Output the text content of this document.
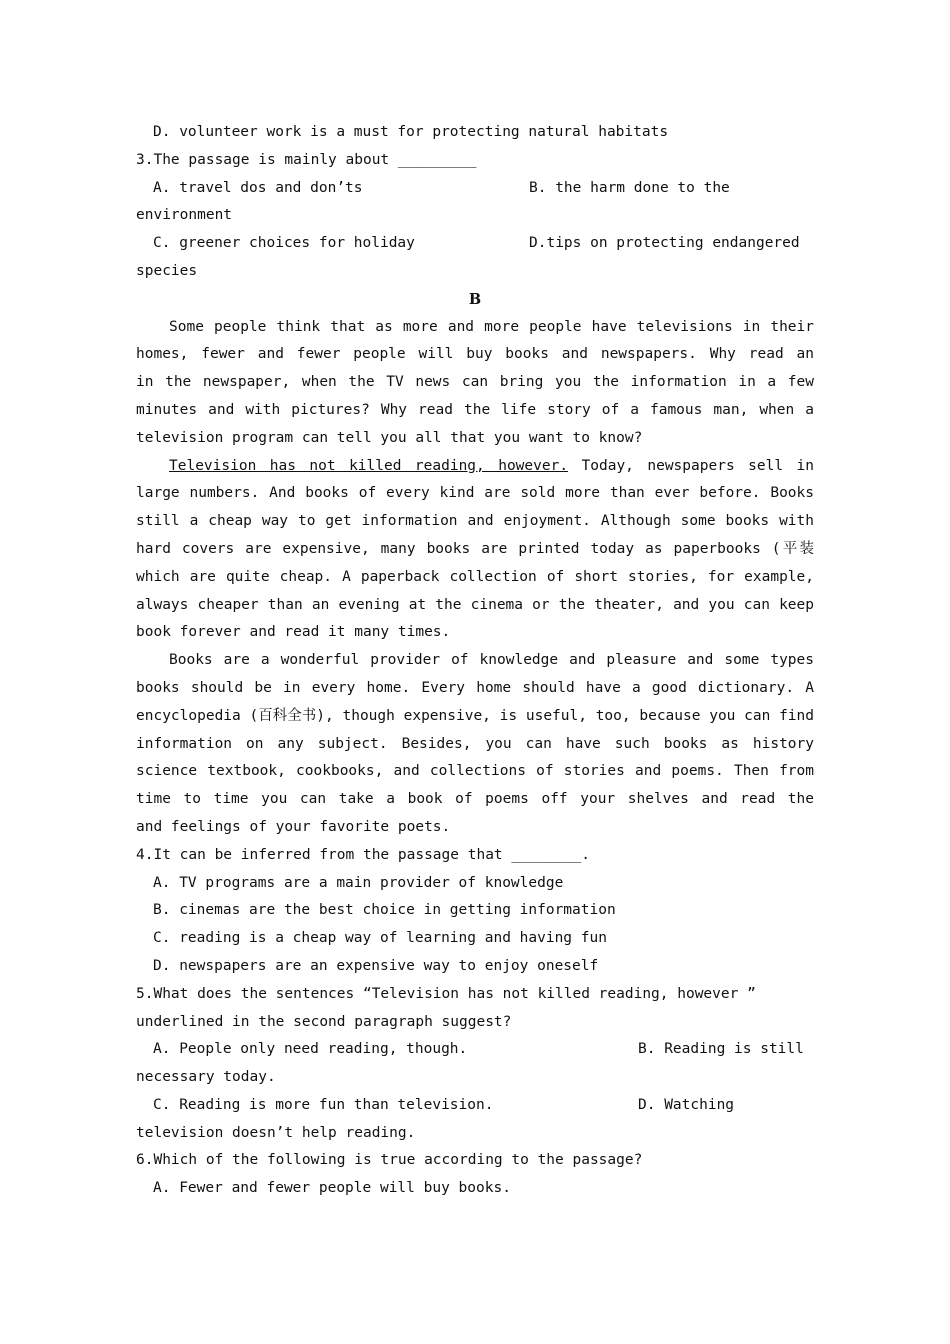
D. volunteer work is a must for protecting natural habitats
3.The passage is mainly about _________
A. travel dos and don’ts	B. the harm done to the
environment
C. greener choices for holiday	D.tips on protecting endangered
species
B
Some people think that as more and more people have televisions in their
homes, fewer and fewer people will buy books and newspapers. Why read an
in the newspaper, when the TV news can bring you the information in a few
minutes and with pictures? Why read the life story of a famous man, when a
television program can tell you all that you want to know?
Television has not killed reading, however. Today, newspapers sell in
large numbers. And books of every kind are sold more than ever before. Books
still a cheap way to get information and enjoyment. Although some books with
hard covers are expensive, many books are printed today as paperbooks (平装
which are quite cheap. A paperback collection of short stories, for example,
always cheaper than an evening at the cinema or the theater, and you can keep
book forever and read it many times.
Books are a wonderful provider of knowledge and pleasure and some types
books should be in every home. Every home should have a good dictionary. A
encyclopedia (百科全书), though expensive, is useful, too, because you can find
information on any subject. Besides, you can have such books as history
science textbook, cookbooks, and collections of stories and poems. Then from
time to time you can take a book of poems off your shelves and read the
and feelings of your favorite poets.
4.It can be inferred from the passage that ________.
A. TV programs are a main provider of knowledge
B. cinemas are the best choice in getting information
C. reading is a cheap way of learning and having fun
D. newspapers are an expensive way to enjoy oneself
5.What does the sentences “Television has not killed reading, however ”
underlined in the second paragraph suggest?
A. People only need reading, though.	B. Reading is still
necessary today.
C. Reading is more fun than television.	D. Watching
television doesn’t help reading.
6.Which of the following is true according to the passage?
A. Fewer and fewer people will buy books.
